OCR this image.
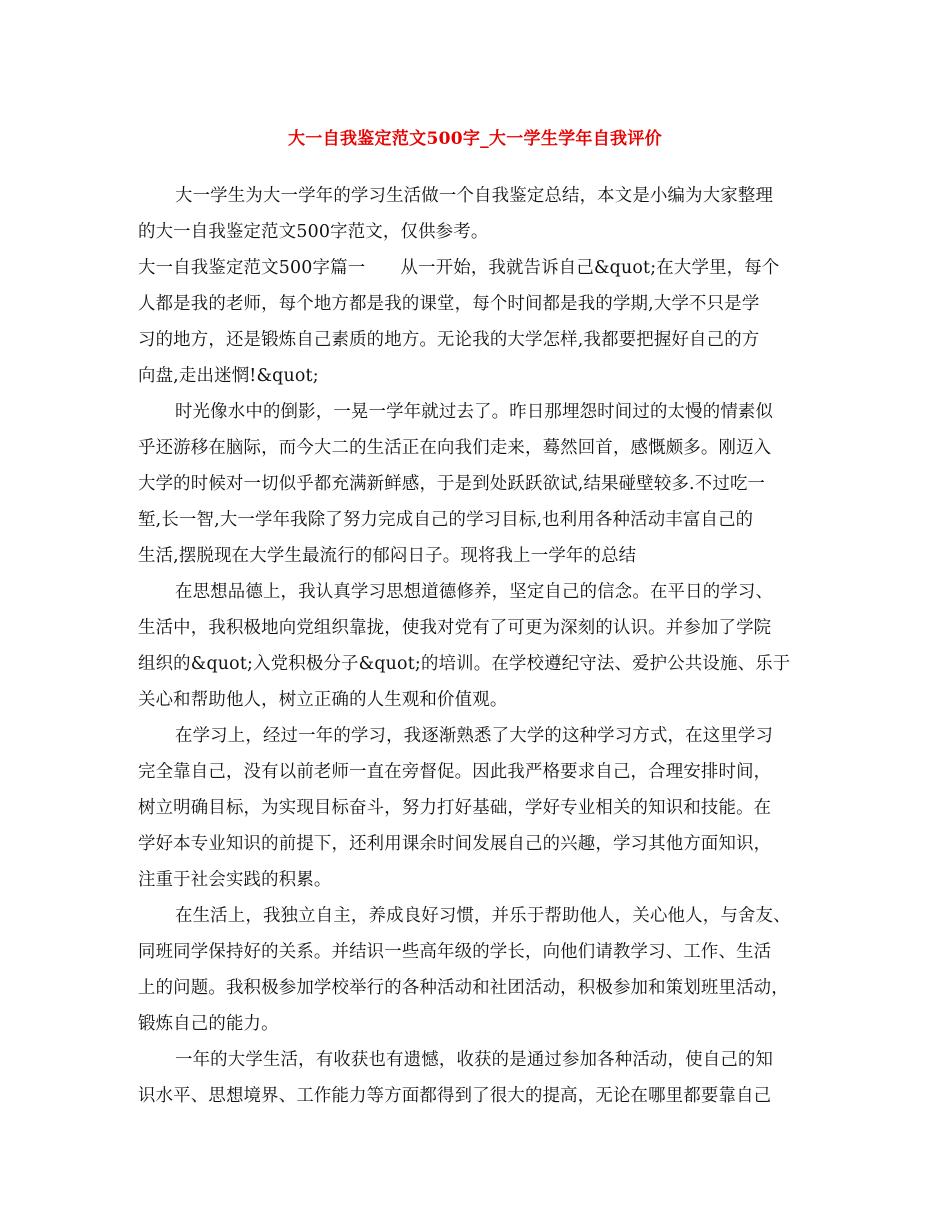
大一自我鉴定范文500字_大一学生学年自我评价
大一学生为大一学年的学习生活做一个自我鉴定总结，本文是小编为大家整理
的大一自我鉴定范文500字范文，仅供参考。
大一自我鉴定范文500字篇一　　从一开始，我就告诉自己&quot;在大学里，每个
人都是我的老师，每个地方都是我的课堂，每个时间都是我的学期,大学不只是学
习的地方，还是锻炼自己素质的地方。无论我的大学怎样,我都要把握好自己的方
向盘,走出迷惘!&quot;
时光像水中的倒影，一晃一学年就过去了。昨日那埋怨时间过的太慢的情素似
乎还游移在脑际，而今大二的生活正在向我们走来，蓦然回首，感慨颇多。刚迈入
大学的时候对一切似乎都充满新鲜感，于是到处跃跃欲试,结果碰壁较多.不过吃一
堑,长一智,大一学年我除了努力完成自己的学习目标,也利用各种活动丰富自己的
生活,摆脱现在大学生最流行的郁闷日子。现将我上一学年的总结
在思想品德上，我认真学习思想道德修养，坚定自己的信念。在平日的学习、
生活中，我积极地向党组织靠拢，使我对党有了可更为深刻的认识。并参加了学院
组织的&quot;入党积极分子&quot;的培训。在学校遵纪守法、爱护公共设施、乐于
关心和帮助他人，树立正确的人生观和价值观。
在学习上，经过一年的学习，我逐渐熟悉了大学的这种学习方式，在这里学习
完全靠自己，没有以前老师一直在旁督促。因此我严格要求自己，合理安排时间，
树立明确目标，为实现目标奋斗，努力打好基础，学好专业相关的知识和技能。在
学好本专业知识的前提下，还利用课余时间发展自己的兴趣，学习其他方面知识，
注重于社会实践的积累。
在生活上，我独立自主，养成良好习惯，并乐于帮助他人，关心他人，与舍友、
同班同学保持好的关系。并结识一些高年级的学长，向他们请教学习、工作、生活
上的问题。我积极参加学校举行的各种活动和社团活动，积极参加和策划班里活动，
锻炼自己的能力。
一年的大学生活，有收获也有遗憾，收获的是通过参加各种活动，使自己的知
识水平、思想境界、工作能力等方面都得到了很大的提高，无论在哪里都要靠自己
